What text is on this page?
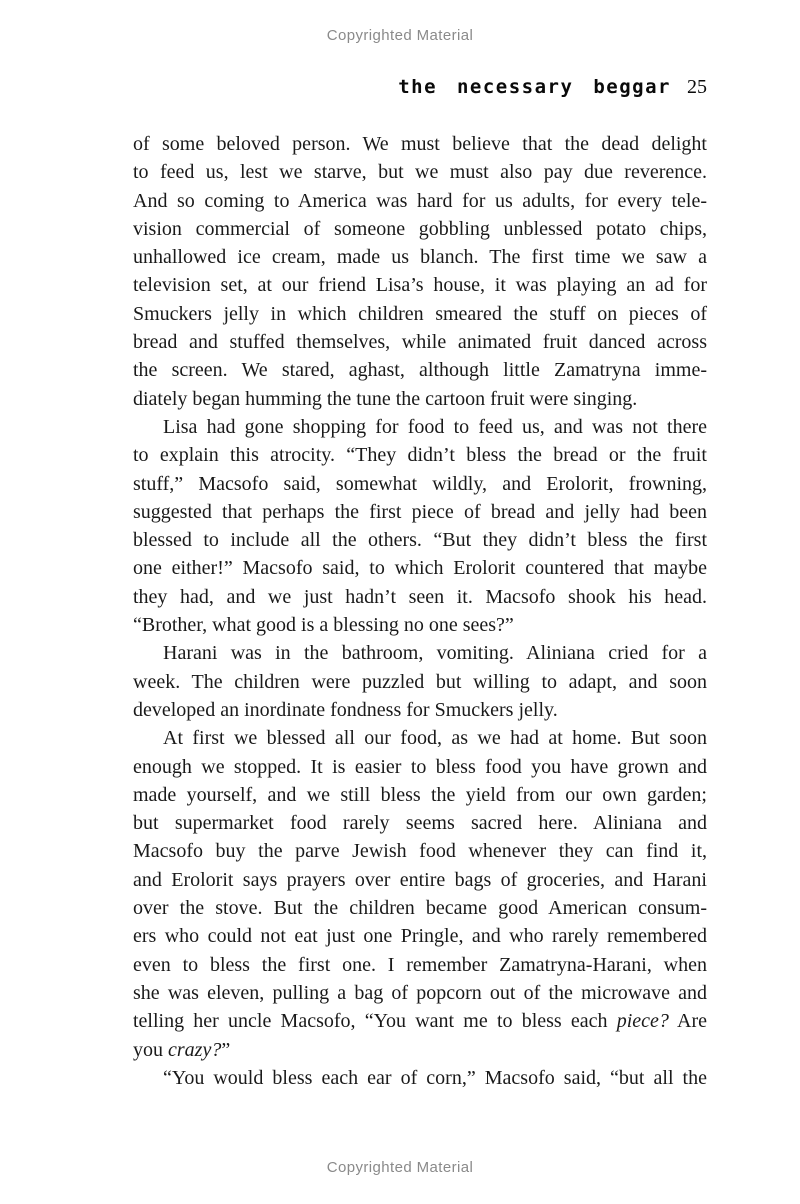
Copyrighted Material
the necessary beggar 25
of some beloved person. We must believe that the dead delight
to feed us, lest we starve, but we must also pay due reverence.
And so coming to America was hard for us adults, for every tele-
vision commercial of someone gobbling unblessed potato chips,
unhallowed ice cream, made us blanch. The first time we saw a
television set, at our friend Lisa’s house, it was playing an ad for
Smuckers jelly in which children smeared the stuff on pieces of
bread and stuffed themselves, while animated fruit danced across
the screen. We stared, aghast, although little Zamatryna imme-
diately began humming the tune the cartoon fruit were singing.
Lisa had gone shopping for food to feed us, and was not there
to explain this atrocity. “They didn’t bless the bread or the fruit
stuff,” Macsofo said, somewhat wildly, and Erolorit, frowning,
suggested that perhaps the first piece of bread and jelly had been
blessed to include all the others. “But they didn’t bless the first
one either!” Macsofo said, to which Erolorit countered that maybe
they had, and we just hadn’t seen it. Macsofo shook his head.
“Brother, what good is a blessing no one sees?”
Harani was in the bathroom, vomiting. Aliniana cried for a
week. The children were puzzled but willing to adapt, and soon
developed an inordinate fondness for Smuckers jelly.
At first we blessed all our food, as we had at home. But soon
enough we stopped. It is easier to bless food you have grown and
made yourself, and we still bless the yield from our own garden;
but supermarket food rarely seems sacred here. Aliniana and
Macsofo buy the parve Jewish food whenever they can find it,
and Erolorit says prayers over entire bags of groceries, and Harani
over the stove. But the children became good American consum-
ers who could not eat just one Pringle, and who rarely remembered
even to bless the first one. I remember Zamatryna-Harani, when
she was eleven, pulling a bag of popcorn out of the microwave and
telling her uncle Macsofo, “You want me to bless each piece? Are
you crazy?”
“You would bless each ear of corn,” Macsofo said, “but all the
Copyrighted Material
